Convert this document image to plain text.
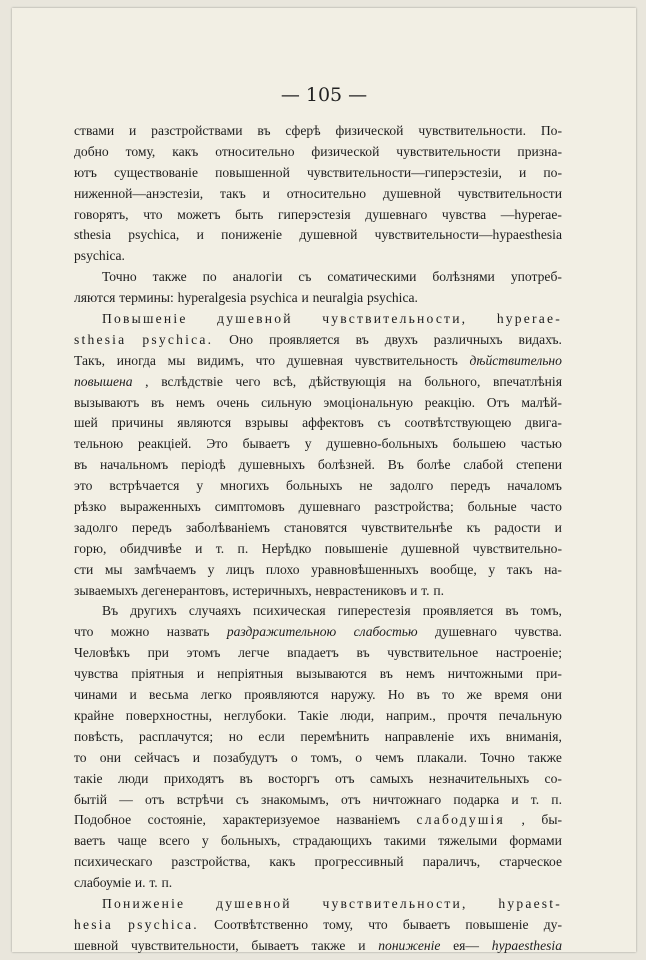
— 105 —
ствами и разстройствами въ сферѣ физической чувствительности. По-
добно тому, какъ относительно физической чувствительности призна-
ютъ существованіе повышенной чувствительности—гиперэстезіи, и по-
ниженной—анэстезіи, такъ и относительно душевной чувствительности
говорятъ, что можетъ быть гиперэстезія душевнаго чувства —hyperae-
sthesia psychica, и пониженіе душевной чувствительности—hypaesthesia
psychica.
Точно также по аналогіи съ соматическими болѣзнями употреб-
ляются термины: hyperalgesia psychica и neuralgia psychica.
Повышеніе душевной чувствительности, hyperae-
sthesia psychica. Оно проявляется въ двухъ различныхъ видахъ.
Такъ, иногда мы видимъ, что душевная чувствительность дѣйствительно
повышена , вслѣдствіе чего всѣ, дѣйствующія на больного, впечатлѣнія
вызываютъ въ немъ очень сильную эмоціональную реакцію. Отъ малѣй-
шей причины являются взрывы аффектовъ съ соотвѣтствующею двига-
тельною реакціей. Это бываетъ у душевно-больныхъ большею частью
въ начальномъ періодѣ душевныхъ болѣзней. Въ болѣе слабой степени
это встрѣчается у многихъ больныхъ не задолго передъ началомъ
рѣзко выраженныхъ симптомовъ душевнаго разстройства; больные часто
задолго передъ заболѣваніемъ становятся чувствительнѣе къ радости и
горю, обидчивѣе и т. п. Нерѣдко повышеніе душевной чувствительно-
сти мы замѣчаемъ у лицъ плохо уравновѣшенныхъ вообще, у такъ на-
зываемыхъ дегенерантовъ, истеричныхъ, неврастениковъ и т. п.
Въ другихъ случаяхъ психическая гиперестезія проявляется въ томъ,
что можно назвать раздражительною слабостью душевнаго чувства.
Человѣкъ при этомъ легче впадаетъ въ чувствительное настроеніе;
чувства пріятныя и непріятныя вызываются въ немъ ничтожными при-
чинами и весьма легко проявляются наружу. Но въ то же время они
крайне поверхностны, неглубоки. Такіе люди, наприм., прочтя печальную
повѣсть, расплачутся; но если перемѣнить направленіе ихъ вниманія,
то они сейчасъ и позабудутъ о томъ, о чемъ плакали. Точно также
такіе люди приходятъ въ восторгъ отъ самыхъ незначительныхъ со-
бытій — отъ встрѣчи съ знакомымъ, отъ ничтожнаго подарка и т. п.
Подобное состояніе, характеризуемое названіемъ слабодушія , бы-
ваетъ чаще всего у больныхъ, страдающихъ такими тяжелыми формами
психическаго разстройства, какъ прогрессивный параличъ, старческое
слабоуміе и. т. п.
Пониженіе душевной чувствительности, hypaest-
hesia psychica. Соотвѣтственно тому, что бываетъ повышеніе ду-
шевной чувствительности, бываетъ также и пониженіе ея— hypaesthesia
